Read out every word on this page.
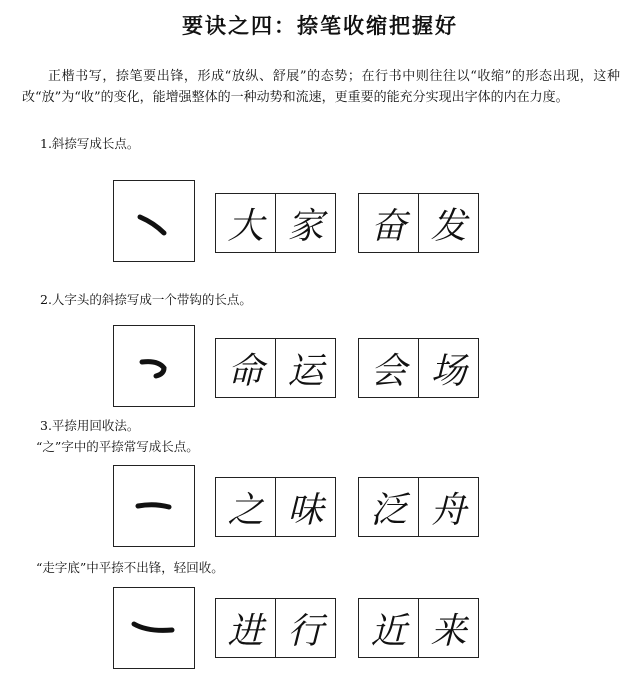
要诀之四：捺笔收缩把握好
正楷书写，捺笔要出锋，形成“放纵、舒展”的态势；在行书中则往往以“收缩”的形态出现，这种改“放”为“收”的变化，能增强整体的一种动势和流速，更重要的能充分实现出字体的内在力度。
1.斜捺写成长点。
大 家	奋 发
2.人字头的斜捺写成一个带钩的长点。
命 运	会 场
3.平捺用回收法。
“之”字中的平捺常写成长点。
之 味	泛 舟
“走字底”中平捺不出锋，轻回收。
进 行	近 来
